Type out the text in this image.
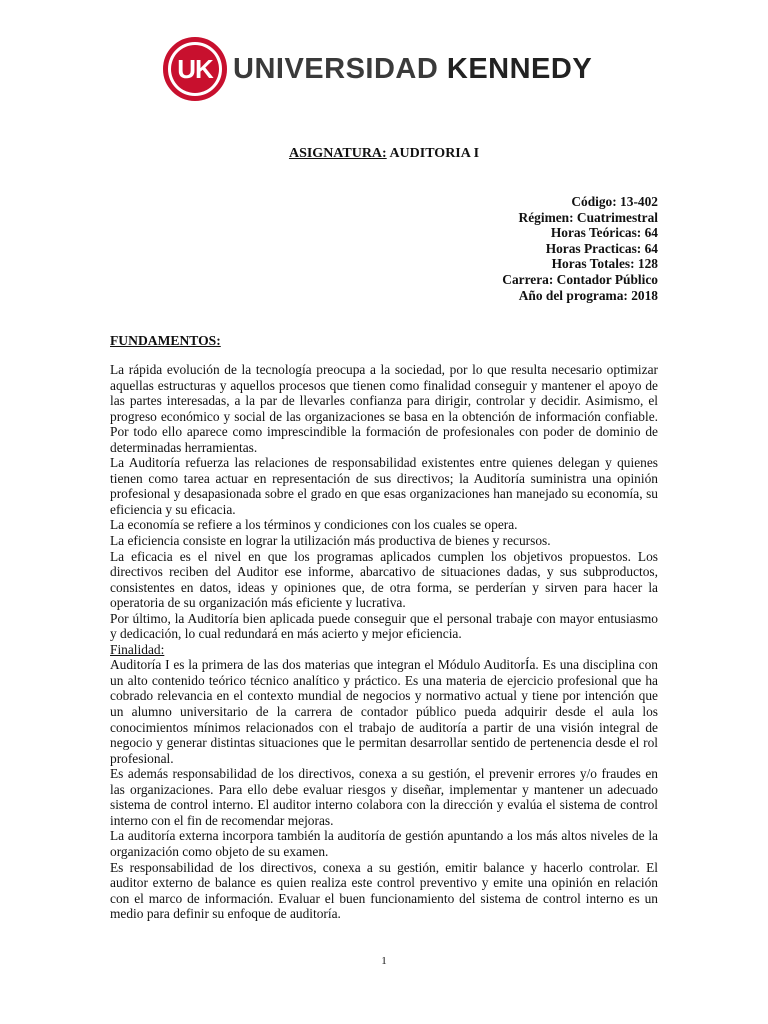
UK UNIVERSIDAD KENNEDY
ASIGNATURA: AUDITORIA I
Código: 13-402
Régimen: Cuatrimestral
Horas Teóricas: 64
Horas Practicas: 64
Horas Totales: 128
Carrera: Contador Público
Año del programa: 2018
FUNDAMENTOS:

La rápida evolución de la tecnología preocupa a la sociedad, por lo que resulta necesario optimizar aquellas estructuras y aquellos procesos que tienen como finalidad conseguir y mantener el apoyo de las partes interesadas, a la par de llevarles confianza para dirigir, controlar y decidir. Asimismo, el progreso económico y social de las organizaciones se basa en la obtención de información confiable. Por todo ello aparece como imprescindible la formación de profesionales con poder de dominio de determinadas herramientas.

La Auditoría refuerza las relaciones de responsabilidad existentes entre quienes delegan y quienes tienen como tarea actuar en representación de sus directivos; la Auditoría suministra una opinión profesional y desapasionada sobre el grado en que esas organizaciones han manejado su economía, su eficiencia y su eficacia.

La economía se refiere a los términos y condiciones con los cuales se opera.

La eficiencia consiste en lograr la utilización más productiva de bienes y recursos.

La eficacia es el nivel en que los programas aplicados cumplen los objetivos propuestos. Los directivos reciben del Auditor ese informe, abarcativo de situaciones dadas, y sus subproductos, consistentes en datos, ideas y opiniones que, de otra forma, se perderían y sirven para hacer la operatoria de su organización más eficiente y lucrativa.

Por último, la Auditoría bien aplicada puede conseguir que el personal trabaje con mayor entusiasmo y dedicación, lo cual redundará en más acierto y mejor eficiencia.

Finalidad:

Auditoría I es la primera de las dos materias que integran el Módulo AuditorÍa. Es una disciplina con un alto contenido teórico técnico analítico y práctico. Es una materia de ejercicio profesional que ha cobrado relevancia en el contexto mundial de negocios y normativo actual y tiene por intención que un alumno universitario de la carrera de contador público pueda adquirir desde el aula los conocimientos mínimos relacionados con el trabajo de auditoría a partir de una visión integral de negocio y generar distintas situaciones que le permitan desarrollar sentido de pertenencia desde el rol profesional.

Es además responsabilidad de los directivos, conexa a su gestión, el prevenir errores y/o fraudes en las organizaciones. Para ello debe evaluar riesgos y diseñar, implementar y mantener un adecuado sistema de control interno. El auditor interno colabora con la dirección y evalúa el sistema de control interno con el fin de recomendar mejoras.

La auditoría externa incorpora también la auditoría de gestión apuntando a los más altos niveles de la organización como objeto de su examen.

Es responsabilidad de los directivos, conexa a su gestión, emitir balance y hacerlo controlar. El auditor externo de balance es quien realiza este control preventivo y emite una opinión en relación con el marco de información. Evaluar el buen funcionamiento del sistema de control interno es un medio para definir su enfoque de auditoría.

1
